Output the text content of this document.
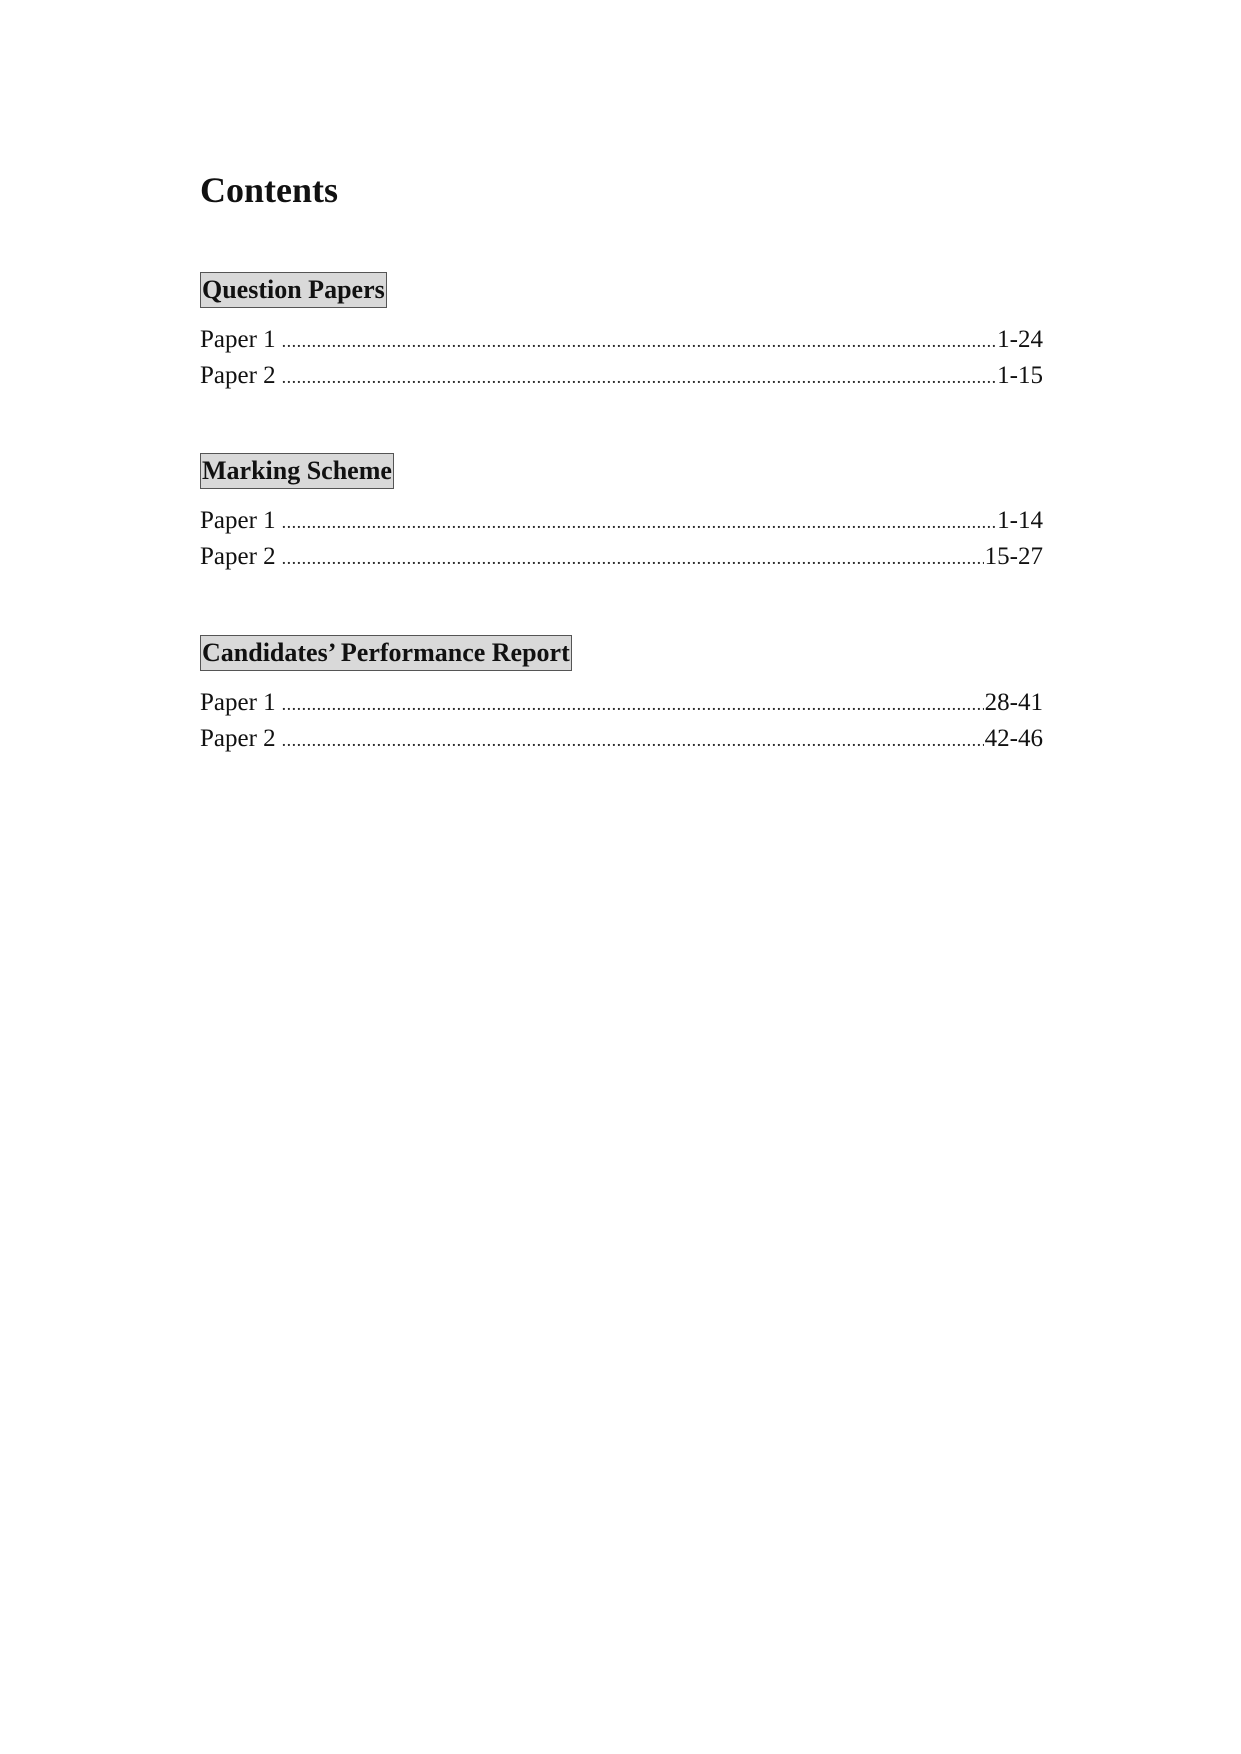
Contents
Question Papers
Paper 1 .....	1-24
Paper 2 .....	1-15
Marking Scheme
Paper 1 .....	1-14
Paper 2 .....	15-27
Candidates’ Performance Report
Paper 1 .....	28-41
Paper 2 .....	42-46
